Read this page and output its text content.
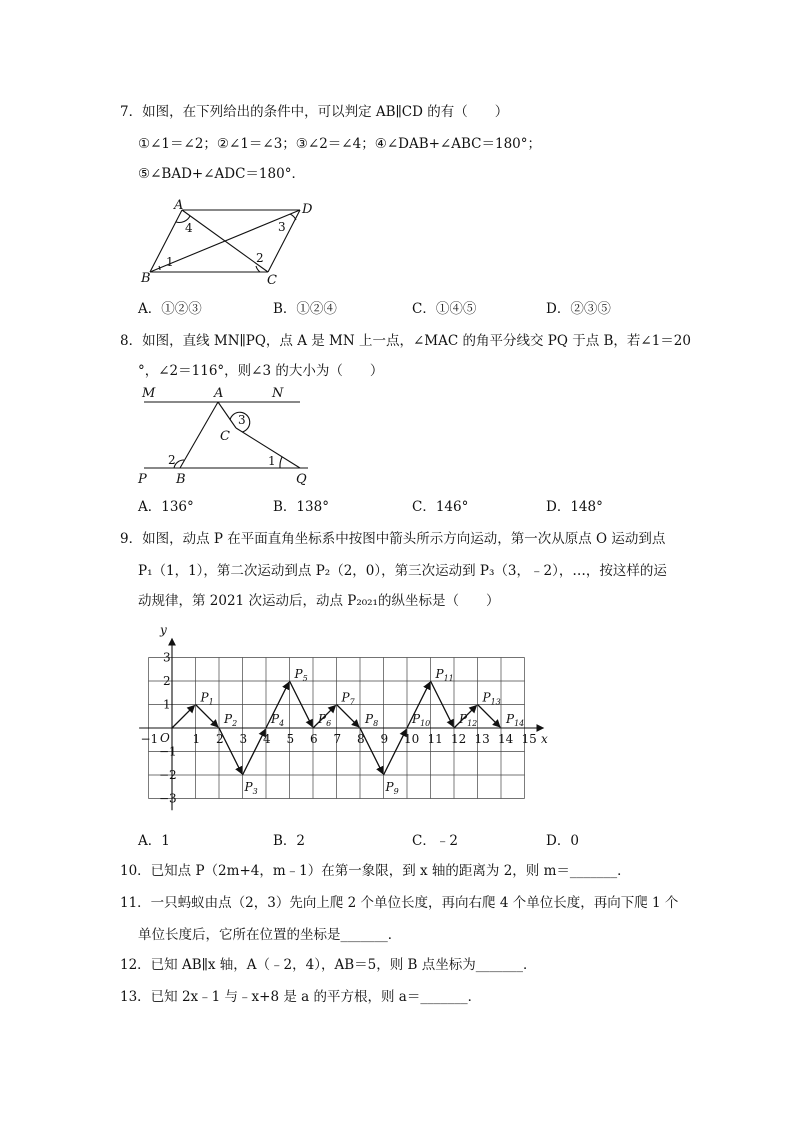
7．如图，在下列给出的条件中，可以判定 AB∥CD 的有（　　）
①∠1＝∠2；②∠1＝∠3；③∠2＝∠4；④∠DAB+∠ABC＝180°；
⑤∠BAD+∠ADC＝180°．
A	D
B	C
4	3
1	2
A．①②③	B．①②④	C．①④⑤	D．②③⑤
8．如图，直线 MN∥PQ，点 A 是 MN 上一点，∠MAC 的角平分线交 PQ 于点 B，若∠1＝20
°，∠2＝116°，则∠3 的大小为（　　）
M	A	N
C
P B	Q
3
2	1
A．136°	B．138°	C．146°	D．148°
9．如图，动点 P 在平面直角坐标系中按图中箭头所示方向运动，第一次从原点 O 运动到点
P₁（1，1），第二次运动到点 P₂（2，0），第三次运动到 P₃（3，﹣2），…，按这样的运
动规律，第 2021 次运动后，动点 P₂₀₂₁的纵坐标是（　　）
−1	1 2 3 4 5 6 7 8 9 10 11 12 13 14 15
3
2
1
−1
−2
−3
$P_1$
$P_2$
$P_3$
$P_4$
$P_5$
$P_6$
$P_7$
$P_8$
$P_9$
$P_{10}$
$P_{11}$
$P_{12}$
$P_{13}$
$P_{14}$
y
x
O
A．1	B．2	C．﹣2	D．0
10．已知点 P（2m+4，m﹣1）在第一象限，到 x 轴的距离为 2，则 m＝_______．
11．一只蚂蚁由点（2，3）先向上爬 2 个单位长度，再向右爬 4 个单位长度，再向下爬 1 个
单位长度后，它所在位置的坐标是_______．
12．已知 AB∥x 轴，A（﹣2，4），AB＝5，则 B 点坐标为_______．
13．已知 2x﹣1 与﹣x+8 是 a 的平方根，则 a＝_______．
